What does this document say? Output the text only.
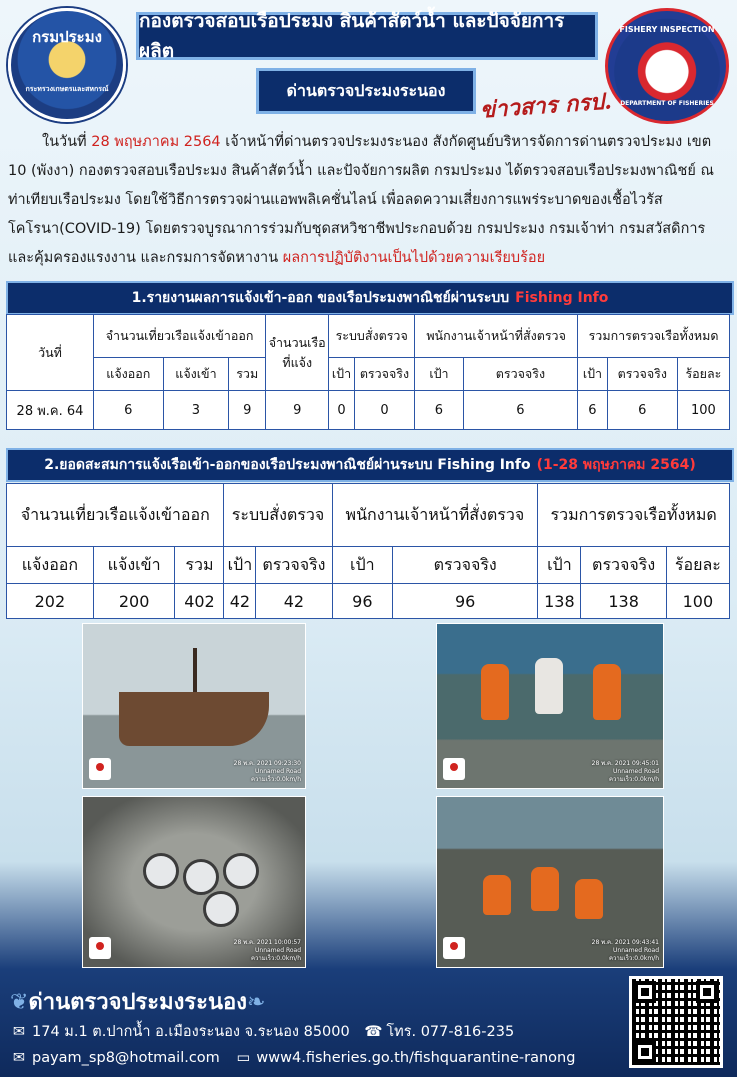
กรมประมง
กระทรวงเกษตรและสหกรณ์
กองตรวจสอบเรือประมง สินค้าสัตว์น้ำ และปัจจัยการผลิต
ด่านตรวจประมงระนอง	ข่าวสาร กรป.
FISHERY INSPECTION
DEPARTMENT OF FISHERIES
ในวันที่ 28 พฤษภาคม 2564 เจ้าหน้าที่ด่านตรวจประมงระนอง สังกัดศูนย์บริหารจัดการด่านตรวจประมง เขต 10 (พังงา) กองตรวจสอบเรือประมง สินค้าสัตว์น้ำ และปัจจัยการผลิต กรมประมง ได้ตรวจสอบเรือประมงพาณิชย์ ณ ท่าเทียบเรือประมง โดยใช้วิธีการตรวจผ่านแอพพลิเคชั่นไลน์ เพื่อลดความเสี่ยงการแพร่ระบาดของเชื้อไวรัสโคโรนา(COVID-19) โดยตรวจบูรณาการร่วมกับชุดสหวิชาชีพประกอบด้วย กรมประมง กรมเจ้าท่า กรมสวัสดิการและคุ้มครองแรงงาน และกรมการจัดหางาน ผลการปฏิบัติงานเป็นไปด้วยความเรียบร้อย
1.รายงานผลการแจ้งเข้า-ออก ของเรือประมงพาณิชย์ผ่านระบบ Fishing Info
วันที่	จำนวนเที่ยวเรือแจ้งเข้าออก			จำนวนเรือที่แจ้ง	ระบบสั่งตรวจ		พนักงานเจ้าหน้าที่สั่งตรวจ		รวมการตรวจเรือทั้งหมด		
	แจ้งออก	แจ้งเข้า	รวม		เป้า	ตรวจจริง	เป้า	ตรวจจริง	เป้า	ตรวจจริง	ร้อยละ
28 พ.ค. 64	6	3	9	9	0	0	6	6	6	6	100
2.ยอดสะสมการแจ้งเรือเข้า-ออกของเรือประมงพาณิชย์ผ่านระบบ Fishing Info (1-28 พฤษภาคม 2564)
จำนวนเที่ยวเรือแจ้งเข้าออก			ระบบสั่งตรวจ		พนักงานเจ้าหน้าที่สั่งตรวจ		รวมการตรวจเรือทั้งหมด		
แจ้งออก	แจ้งเข้า	รวม	เป้า	ตรวจจริง	เป้า	ตรวจจริง	เป้า	ตรวจจริง	ร้อยละ
202	200	402	42	42	96	96	138	138	100
28 พ.ค. 2021 09:23:30
Unnamed Road
ความเร็ว:0.0km/h
28 พ.ค. 2021 09:45:01
Unnamed Road
ความเร็ว:0.0km/h
28 พ.ค. 2021 10:00:57
Unnamed Road
ความเร็ว:0.0km/h
28 พ.ค. 2021 09:43:41
Unnamed Road
ความเร็ว:0.0km/h
❦ด่านตรวจประมงระนอง❧
✉ 174 ม.1 ต.ปากน้ำ อ.เมืองระนอง จ.ระนอง 85000 ☎ โทร. 077-816-235
✉ payam_sp8@hotmail.com ▭ www4.fisheries.go.th/fishquarantine-ranong
